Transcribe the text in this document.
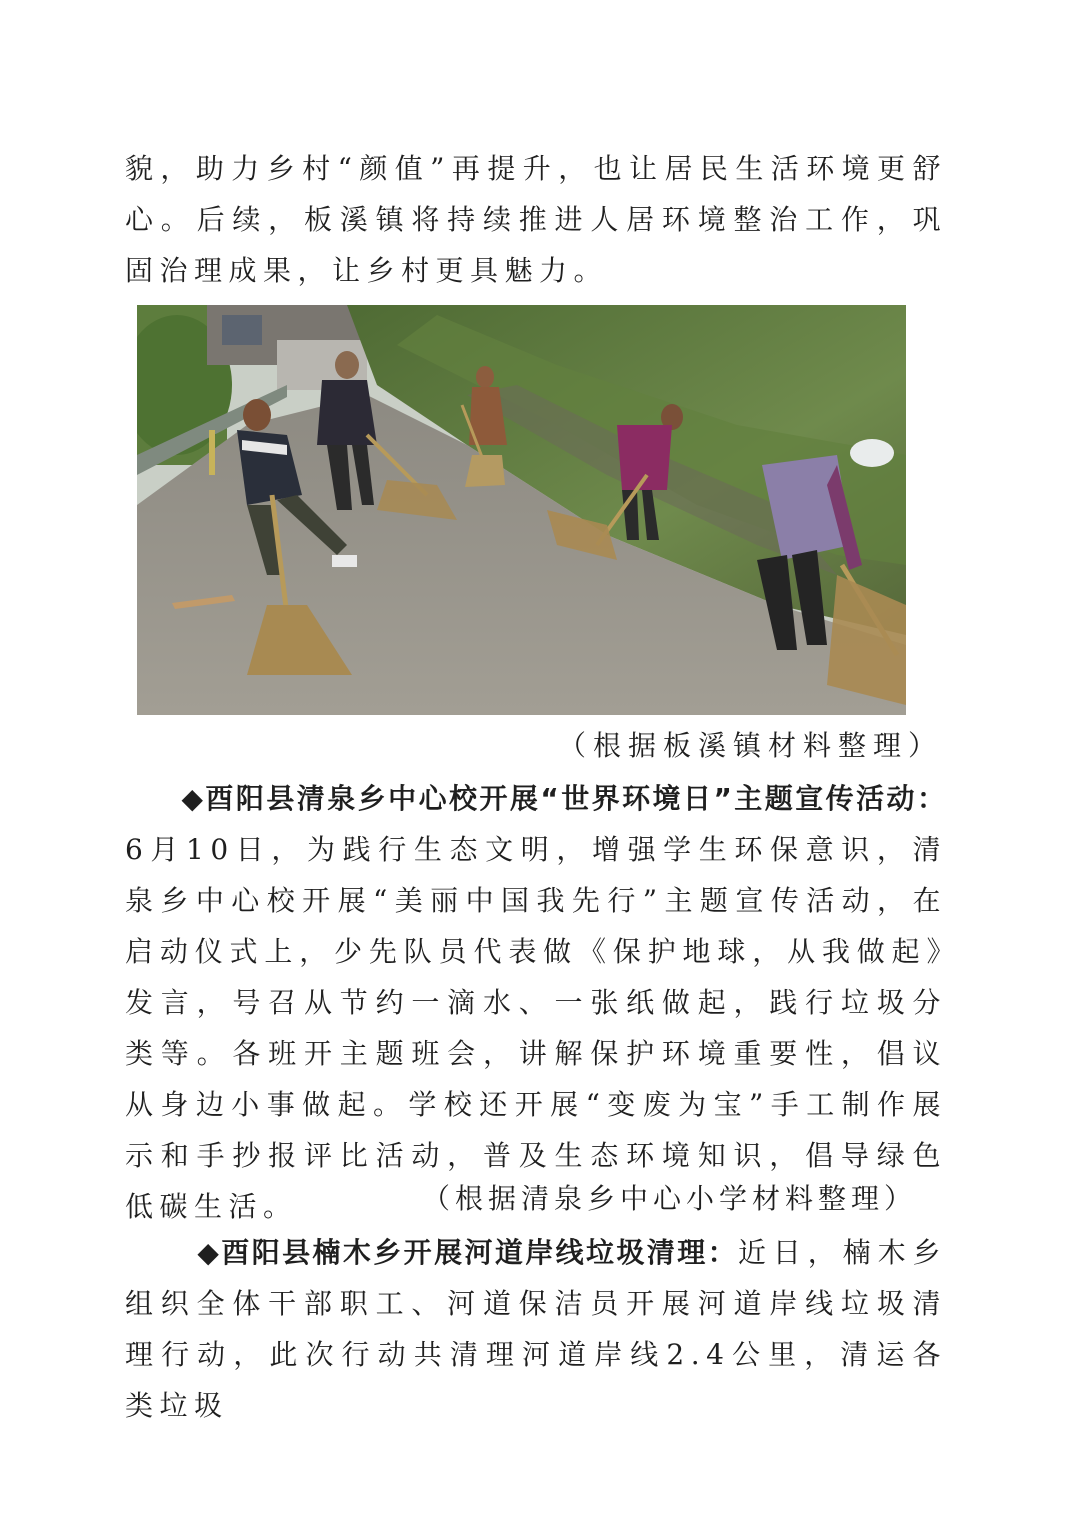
貌，助力乡村“颜值”再提升，也让居民生活环境更舒心。后续，板溪镇将持续推进人居环境整治工作，巩固治理成果，让乡村更具魅力。

（根据板溪镇材料整理）

◆酉阳县清泉乡中心校开展“世界环境日”主题宣传活动：6月10日，为践行生态文明，增强学生环保意识，清泉乡中心校开展“美丽中国我先行”主题宣传活动，在启动仪式上，少先队员代表做《保护地球，从我做起》发言，号召从节约一滴水、一张纸做起，践行垃圾分类等。各班开主题班会，讲解保护环境重要性，倡议从身边小事做起。学校还开展“变废为宝”手工制作展示和手抄报评比活动，普及生态环境知识，倡导绿色低碳生活。	（根据清泉乡中心小学材料整理）

◆酉阳县楠木乡开展河道岸线垃圾清理：近日，楠木乡组织全体干部职工、河道保洁员开展河道岸线垃圾清理行动，此次行动共清理河道岸线2.4公里，清运各类垃圾
